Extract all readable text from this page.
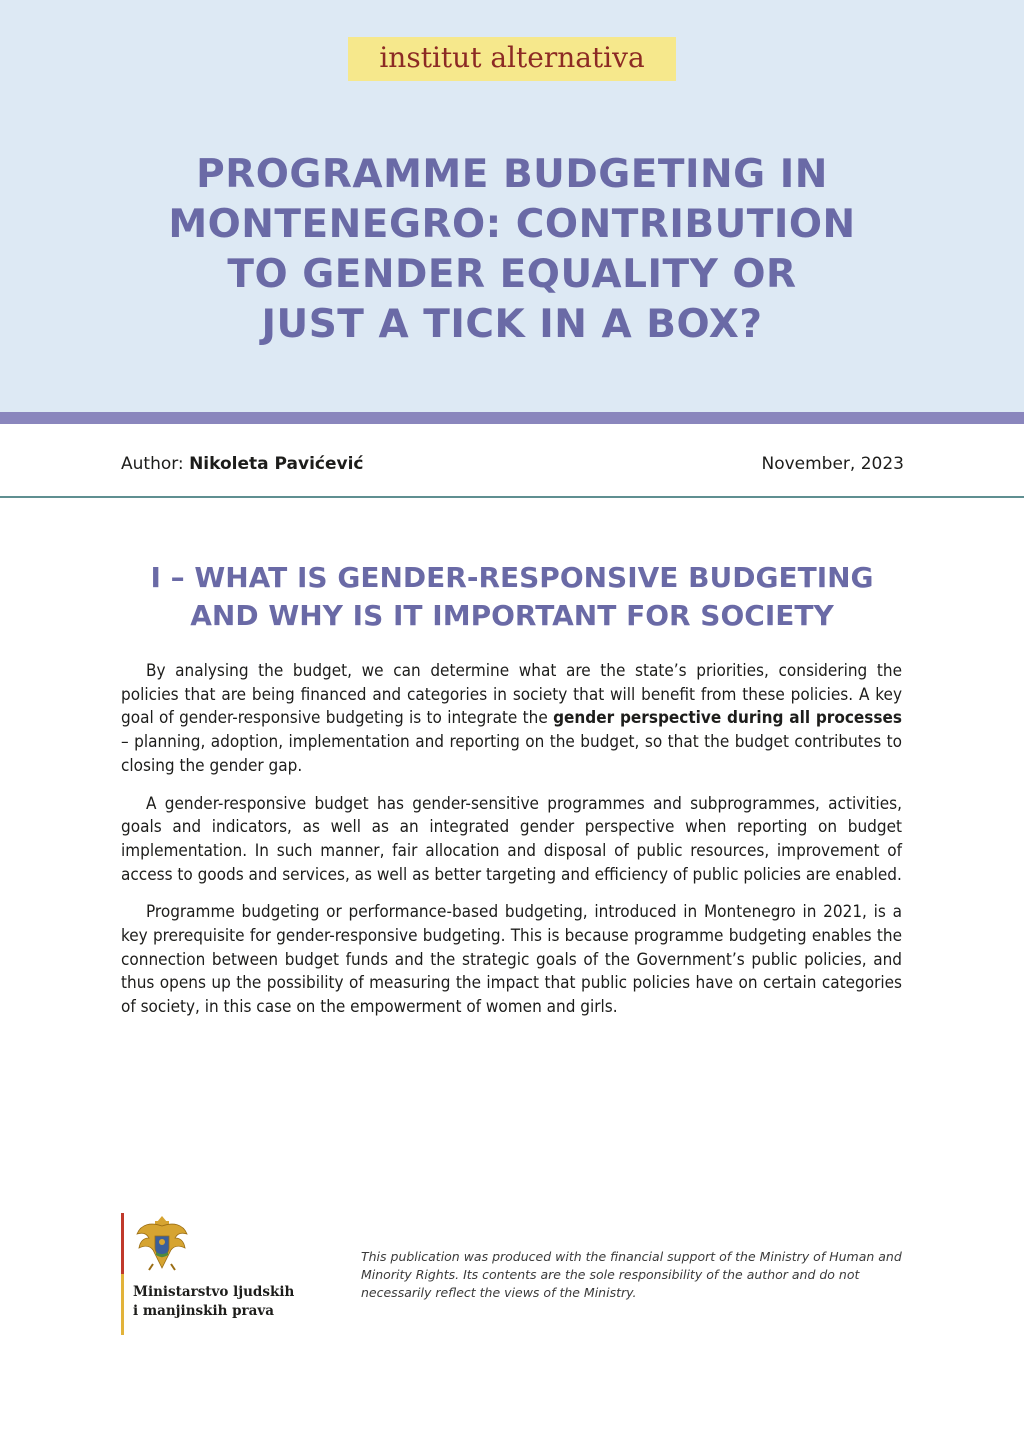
institut alternativa
PROGRAMME BUDGETING IN
MONTENEGRO: CONTRIBUTION
TO GENDER EQUALITY OR
JUST A TICK IN A BOX?
Author: Nikoleta Pavićević	November, 2023
I – WHAT IS GENDER-RESPONSIVE BUDGETING
AND WHY IS IT IMPORTANT FOR SOCIETY

By analysing the budget, we can determine what are the state’s priorities, considering the policies that are being financed and categories in society that will benefit from these policies. A key goal of gender-responsive budgeting is to integrate the gender perspective during all processes – planning, adoption, implementation and reporting on the budget, so that the budget contributes to closing the gender gap.

A gender-responsive budget has gender-sensitive programmes and subprogrammes, activities, goals and indicators, as well as an integrated gender perspective when reporting on budget implementation. In such manner, fair allocation and disposal of public resources, improvement of access to goods and services, as well as better targeting and efficiency of public policies are enabled.

Programme budgeting or performance-based budgeting, introduced in Montenegro in 2021, is a key prerequisite for gender-responsive budgeting. This is because programme budgeting enables the connection between budget funds and the strategic goals of the Government’s public policies, and thus opens up the possibility of measuring the impact that public policies have on certain categories of society, in this case on the empowerment of women and girls.

Ministarstvo ljudskih
i manjinskih prava
This publication was produced with the financial support of the Ministry of Human and Minority Rights. Its contents are the sole responsibility of the author and do not necessarily reflect the views of the Ministry.
